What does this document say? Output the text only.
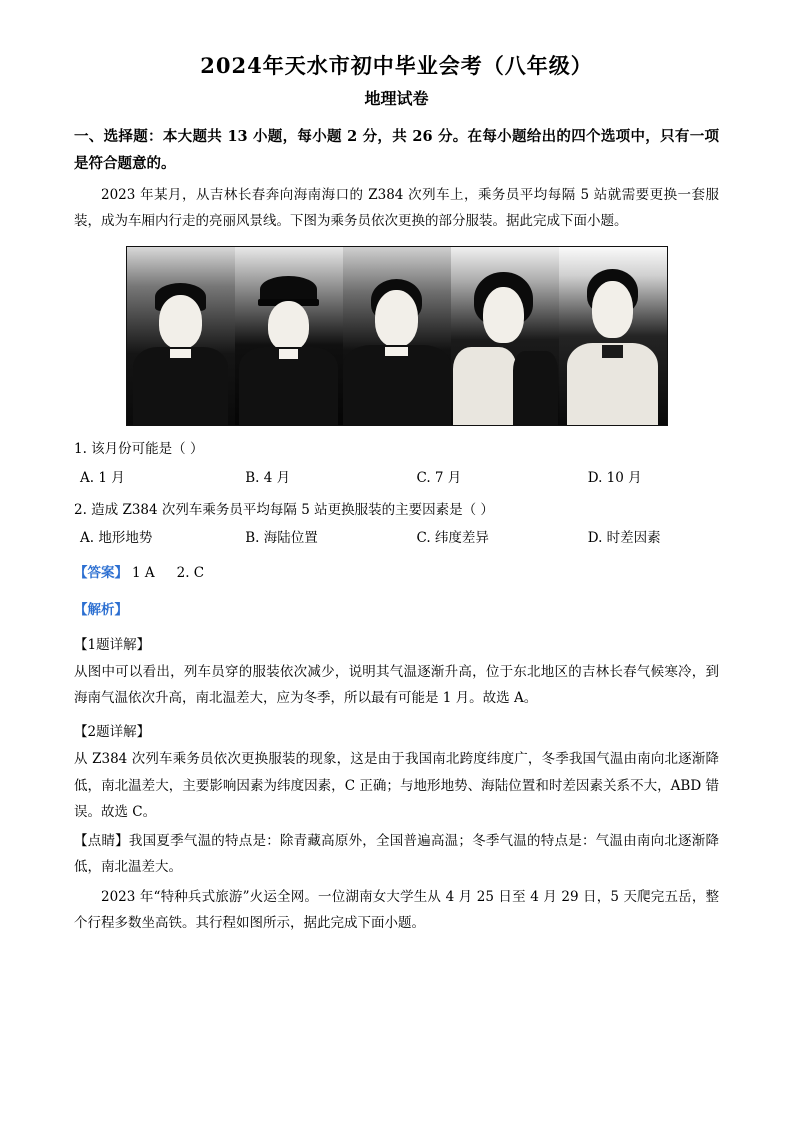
2024年天水市初中毕业会考（八年级）
地理试卷

一、选择题：本大题共 13 小题，每小题 2 分，共 26 分。在每小题给出的四个选项中，只有一项是符合题意的。

2023 年某月，从吉林长春奔向海南海口的 Z384 次列车上，乘务员平均每隔 5 站就需要更换一套服装，成为车厢内行走的亮丽风景线。下图为乘务员依次更换的部分服装。据此完成下面小题。

1. 该月份可能是（ ）

A. 1 月	B. 4 月	C. 7 月	D. 10 月

2. 造成 Z384 次列车乘务员平均每隔 5 站更换服装的主要因素是（ ）

A. 地形地势	B. 海陆位置	C. 纬度差异	D. 时差因素

【答案】 1 A 2. C

【解析】

【1题详解】

从图中可以看出，列车员穿的服装依次减少，说明其气温逐渐升高，位于东北地区的吉林长春气候寒冷，到海南气温依次升高，南北温差大，应为冬季，所以最有可能是 1 月。故选 A。

【2题详解】

从 Z384 次列车乘务员依次更换服装的现象，这是由于我国南北跨度纬度广，冬季我国气温由南向北逐渐降低，南北温差大，主要影响因素为纬度因素，C 正确；与地形地势、海陆位置和时差因素关系不大，ABD 错误。故选 C。

【点睛】我国夏季气温的特点是：除青藏高原外，全国普遍高温；冬季气温的特点是：气温由南向北逐渐降低，南北温差大。

2023 年“特种兵式旅游”火运全网。一位湖南女大学生从 4 月 25 日至 4 月 29 日，5 天爬完五岳，整个行程多数坐高铁。其行程如图所示，据此完成下面小题。
